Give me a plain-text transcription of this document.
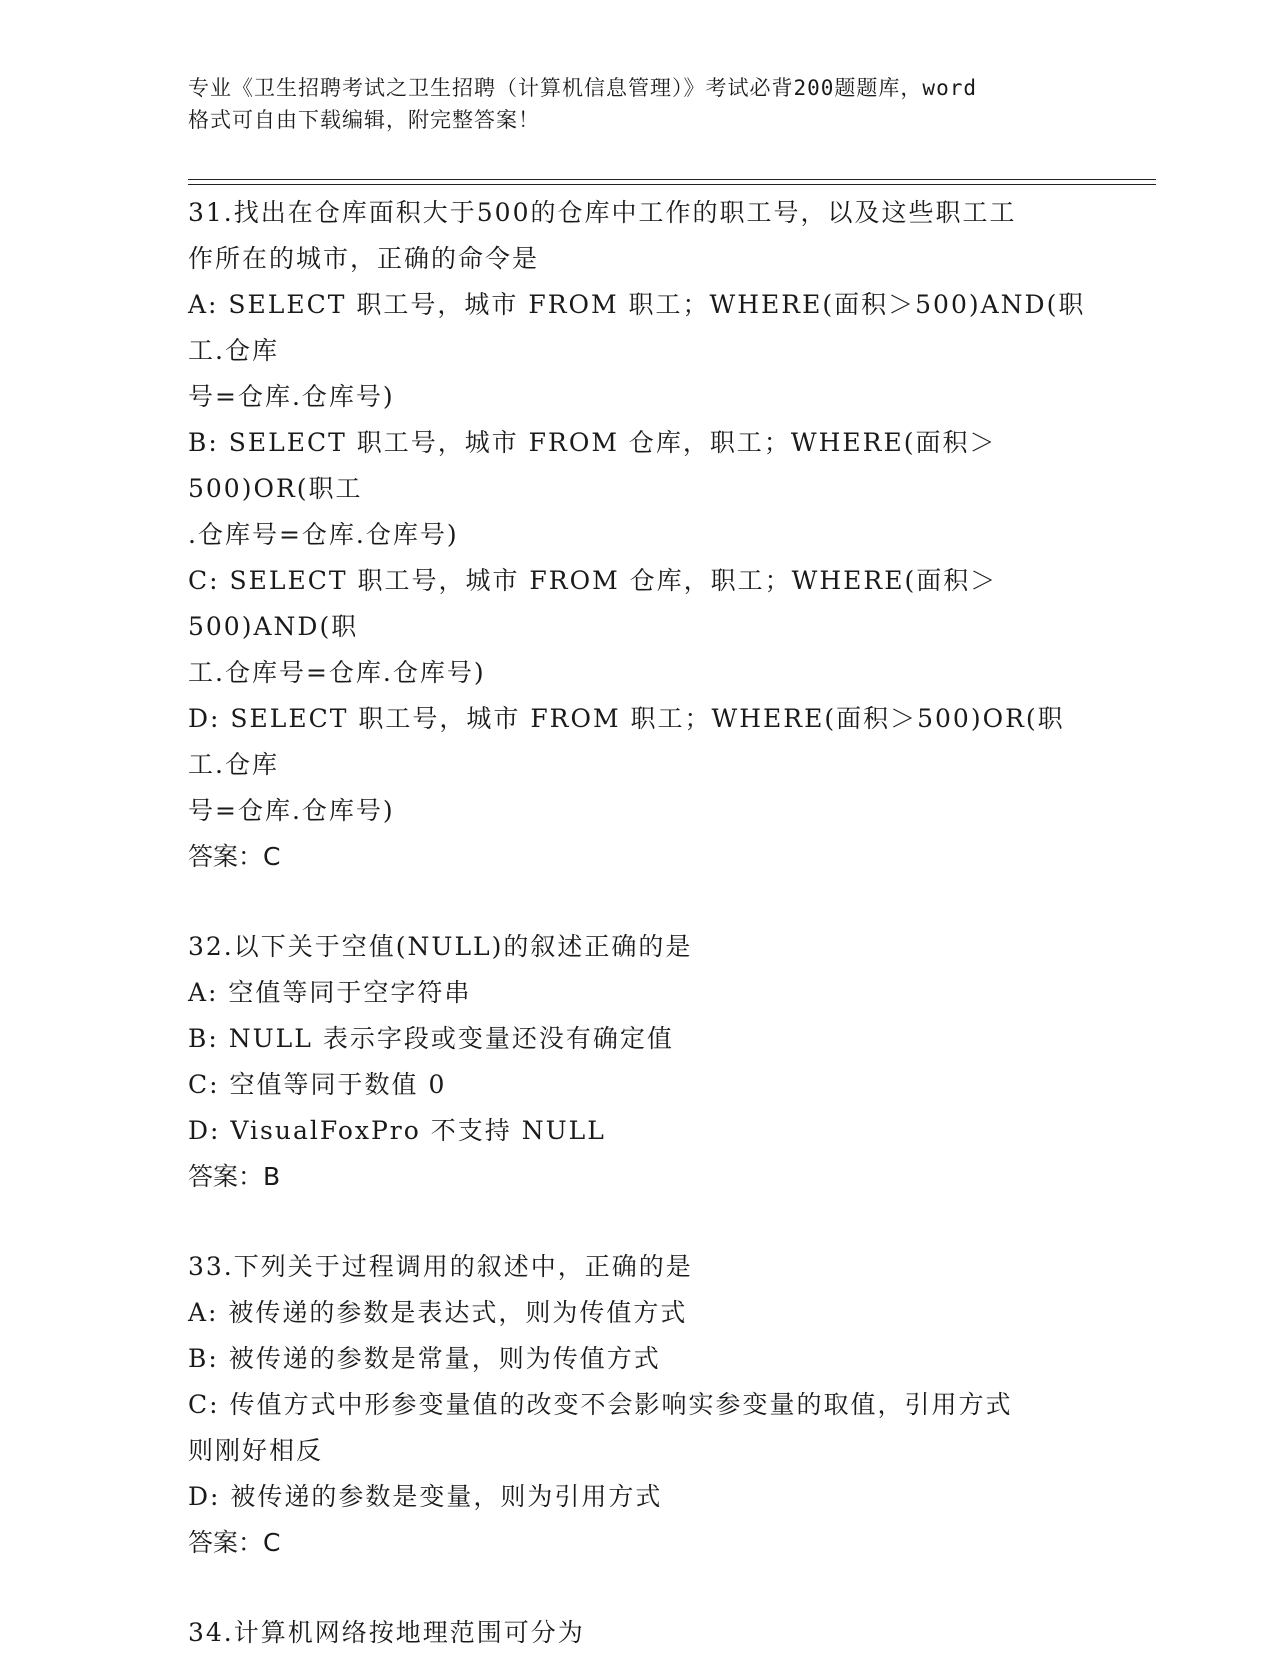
专业《卫生招聘考试之卫生招聘（计算机信息管理）》考试必背200题题库，word
格式可自由下载编辑，附完整答案！

31.找出在仓库面积大于500的仓库中工作的职工号，以及这些职工工

作所在的城市，正确的命令是

A: SELECT 职工号，城市 FROM 职工；WHERE(面积＞500)AND(职工.仓库

号=仓库.仓库号)

B: SELECT 职工号，城市 FROM 仓库，职工；WHERE(面积＞500)OR(职工

.仓库号=仓库.仓库号)

C: SELECT 职工号，城市 FROM 仓库，职工；WHERE(面积＞500)AND(职

工.仓库号=仓库.仓库号)

D: SELECT 职工号，城市 FROM 职工；WHERE(面积＞500)OR(职工.仓库

号=仓库.仓库号)

答案：C

32.以下关于空值(NULL)的叙述正确的是

A: 空值等同于空字符串

B: NULL 表示字段或变量还没有确定值

C: 空值等同于数值 0

D: VisualFoxPro 不支持 NULL

答案：B

33.下列关于过程调用的叙述中，正确的是

A: 被传递的参数是表达式，则为传值方式

B: 被传递的参数是常量，则为传值方式

C: 传值方式中形参变量值的改变不会影响实参变量的取值，引用方式

则刚好相反

D: 被传递的参数是变量，则为引用方式

答案：C

34.计算机网络按地理范围可分为
